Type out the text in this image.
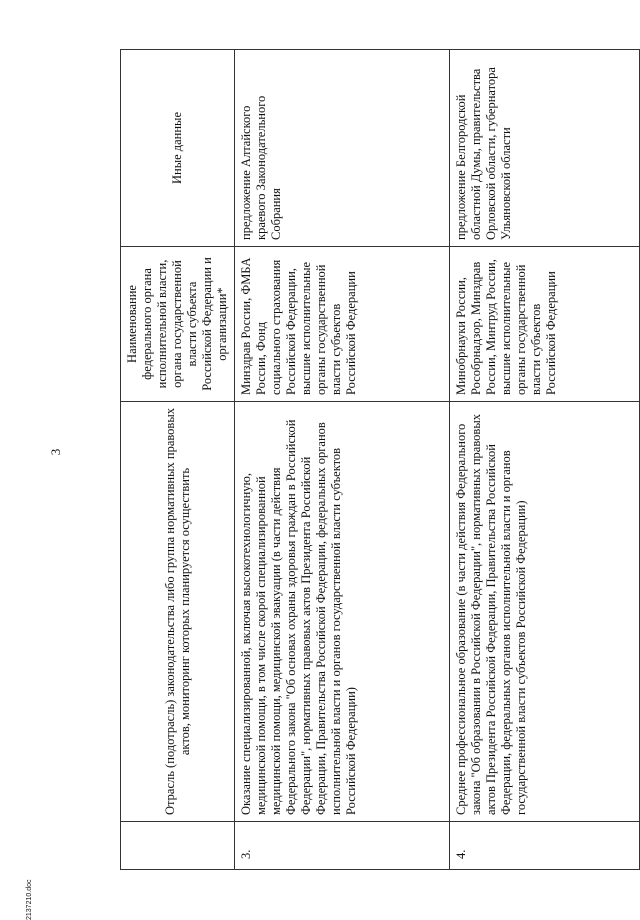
3
		Отрасль (подотрасль) законодательства либо группа нормативных правовых актов, мониторинг которых планируется осуществить	Наименование федерального органа исполнительной власти, органа государственной власти субъекта Российской Федерации и организации*	Иные данные
3.	Оказание специализированной, включая высокотехнологичную, медицинской помощи, в том числе скорой специализированной медицинской помощи, медицинской эвакуации (в части действия Федерального закона "Об основах охраны здоровья граждан в Российской Федерации", нормативных правовых актов Президента Российской Федерации, Правительства Российской Федерации, федеральных органов исполнительной власти и органов государственной власти субъектов Российской Федерации)	Минздрав России, ФМБА России, Фонд социального страхования Российской Федерации, высшие исполнительные органы государственной власти субъектов Российской Федерации	предложение Алтайского краевого Законодательного Собрания
4.	Среднее профессиональное образование (в части действия Федерального закона "Об образовании в Российской Федерации", нормативных правовых актов Президента Российской Федерации, Правительства Российской Федерации, федеральных органов исполнительной власти и органов государственной власти субъектов Российской Федерации)	Минобрнауки России, Рособрнадзор, Минздрав России, Минтруд России, высшие исполнительные органы государственной власти субъектов Российской Федерации	предложение Белгородской областной Думы, правительства Орловской области, губернатора Ульяновской области
2137210.doc
